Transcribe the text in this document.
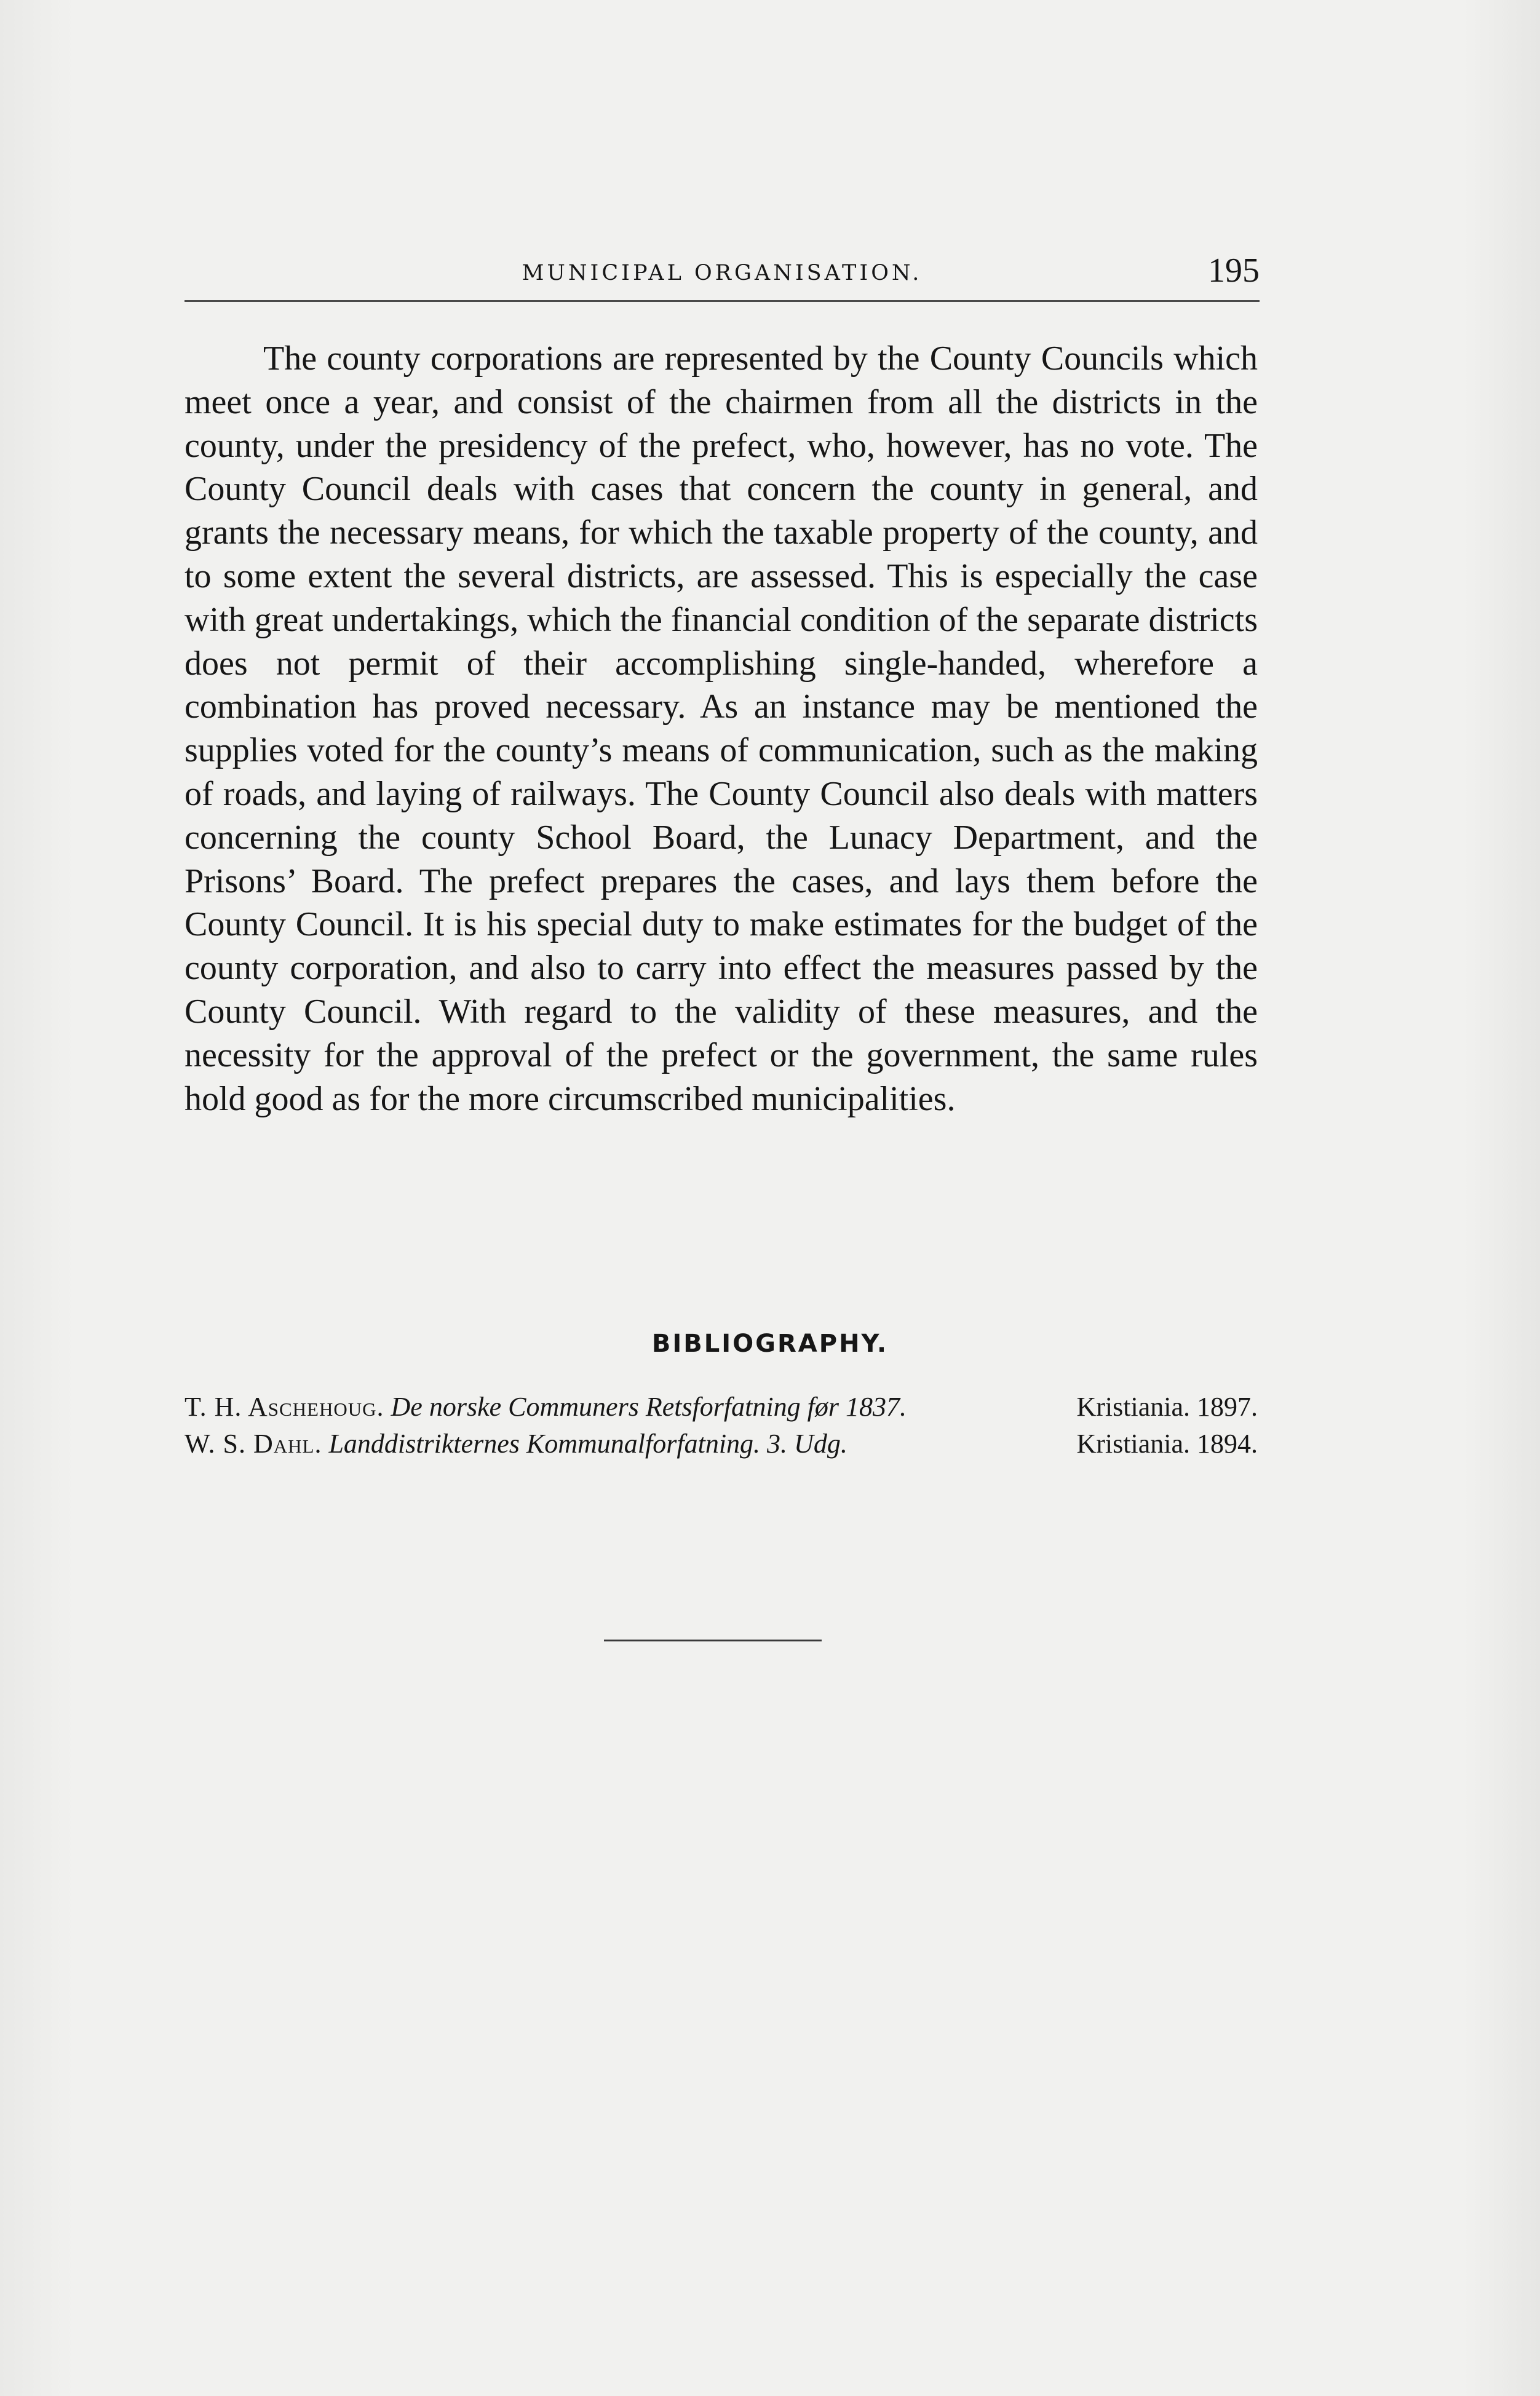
MUNICIPAL ORGANISATION.	195

The county corporations are represented by the County Councils which meet once a year, and consist of the chairmen from all the districts in the county, under the presidency of the prefect, who, however, has no vote. The County Council deals with cases that concern the county in general, and grants the necessary means, for which the taxable property of the county, and to some extent the several districts, are assessed. This is especially the case with great undertakings, which the financial condition of the separate districts does not permit of their accomplishing single-handed, wherefore a combination has proved necessary. As an instance may be mentioned the supplies voted for the county’s means of communication, such as the making of roads, and laying of railways. The County Council also deals with matters concerning the county School Board, the Lunacy Department, and the Prisons’ Board. The prefect prepares the cases, and lays them before the County Council. It is his special duty to make estimates for the budget of the county corporation, and also to carry into effect the measures passed by the County Council. With regard to the validity of these measures, and the necessity for the approval of the prefect or the government, the same rules hold good as for the more circumscribed municipalities.

BIBLIOGRAPHY.
T. H. Aschehoug. De norske Communers Retsforfatning før 1837.	Kristiania. 1897.
W. S. Dahl. Landdistrikternes Kommunalforfatning. 3. Udg.	Kristiania. 1894.
